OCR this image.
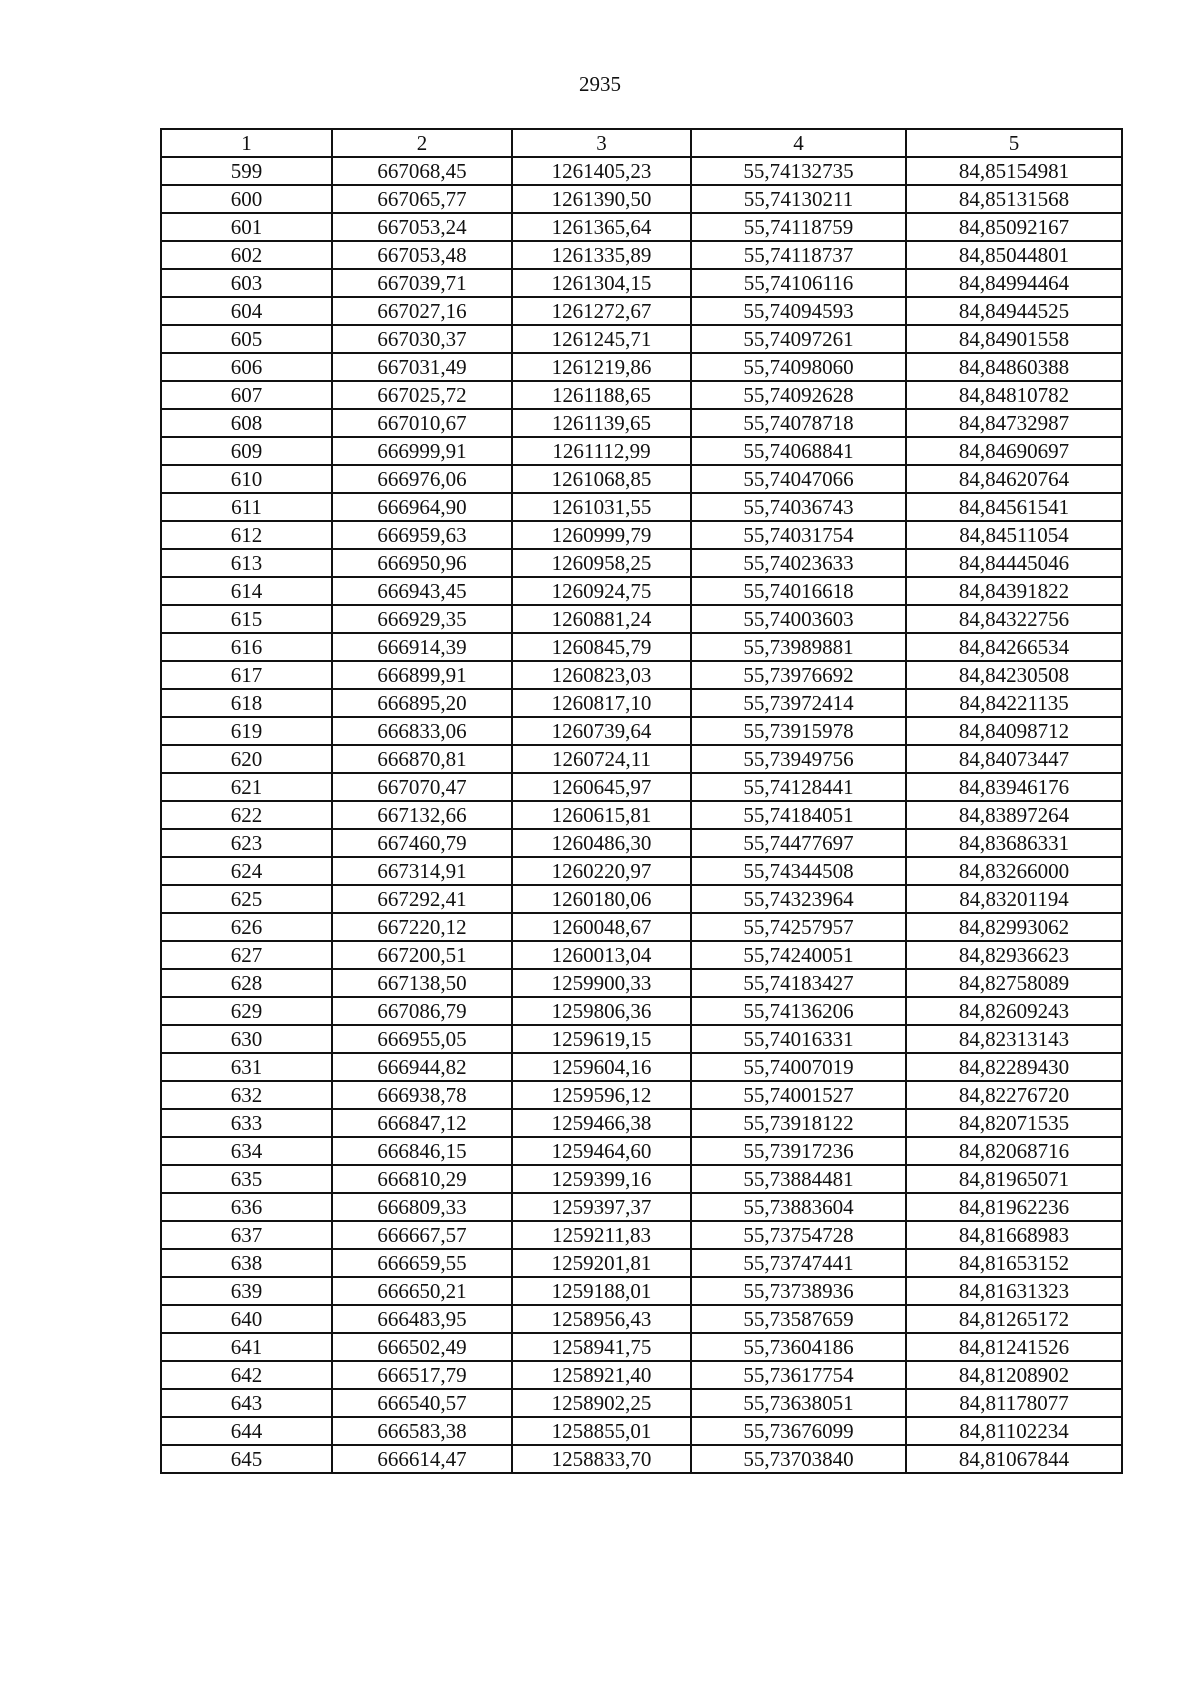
2935
1	2	3	4	5
599	667068,45	1261405,23	55,74132735	84,85154981
600	667065,77	1261390,50	55,74130211	84,85131568
601	667053,24	1261365,64	55,74118759	84,85092167
602	667053,48	1261335,89	55,74118737	84,85044801
603	667039,71	1261304,15	55,74106116	84,84994464
604	667027,16	1261272,67	55,74094593	84,84944525
605	667030,37	1261245,71	55,74097261	84,84901558
606	667031,49	1261219,86	55,74098060	84,84860388
607	667025,72	1261188,65	55,74092628	84,84810782
608	667010,67	1261139,65	55,74078718	84,84732987
609	666999,91	1261112,99	55,74068841	84,84690697
610	666976,06	1261068,85	55,74047066	84,84620764
611	666964,90	1261031,55	55,74036743	84,84561541
612	666959,63	1260999,79	55,74031754	84,84511054
613	666950,96	1260958,25	55,74023633	84,84445046
614	666943,45	1260924,75	55,74016618	84,84391822
615	666929,35	1260881,24	55,74003603	84,84322756
616	666914,39	1260845,79	55,73989881	84,84266534
617	666899,91	1260823,03	55,73976692	84,84230508
618	666895,20	1260817,10	55,73972414	84,84221135
619	666833,06	1260739,64	55,73915978	84,84098712
620	666870,81	1260724,11	55,73949756	84,84073447
621	667070,47	1260645,97	55,74128441	84,83946176
622	667132,66	1260615,81	55,74184051	84,83897264
623	667460,79	1260486,30	55,74477697	84,83686331
624	667314,91	1260220,97	55,74344508	84,83266000
625	667292,41	1260180,06	55,74323964	84,83201194
626	667220,12	1260048,67	55,74257957	84,82993062
627	667200,51	1260013,04	55,74240051	84,82936623
628	667138,50	1259900,33	55,74183427	84,82758089
629	667086,79	1259806,36	55,74136206	84,82609243
630	666955,05	1259619,15	55,74016331	84,82313143
631	666944,82	1259604,16	55,74007019	84,82289430
632	666938,78	1259596,12	55,74001527	84,82276720
633	666847,12	1259466,38	55,73918122	84,82071535
634	666846,15	1259464,60	55,73917236	84,82068716
635	666810,29	1259399,16	55,73884481	84,81965071
636	666809,33	1259397,37	55,73883604	84,81962236
637	666667,57	1259211,83	55,73754728	84,81668983
638	666659,55	1259201,81	55,73747441	84,81653152
639	666650,21	1259188,01	55,73738936	84,81631323
640	666483,95	1258956,43	55,73587659	84,81265172
641	666502,49	1258941,75	55,73604186	84,81241526
642	666517,79	1258921,40	55,73617754	84,81208902
643	666540,57	1258902,25	55,73638051	84,81178077
644	666583,38	1258855,01	55,73676099	84,81102234
645	666614,47	1258833,70	55,73703840	84,81067844
